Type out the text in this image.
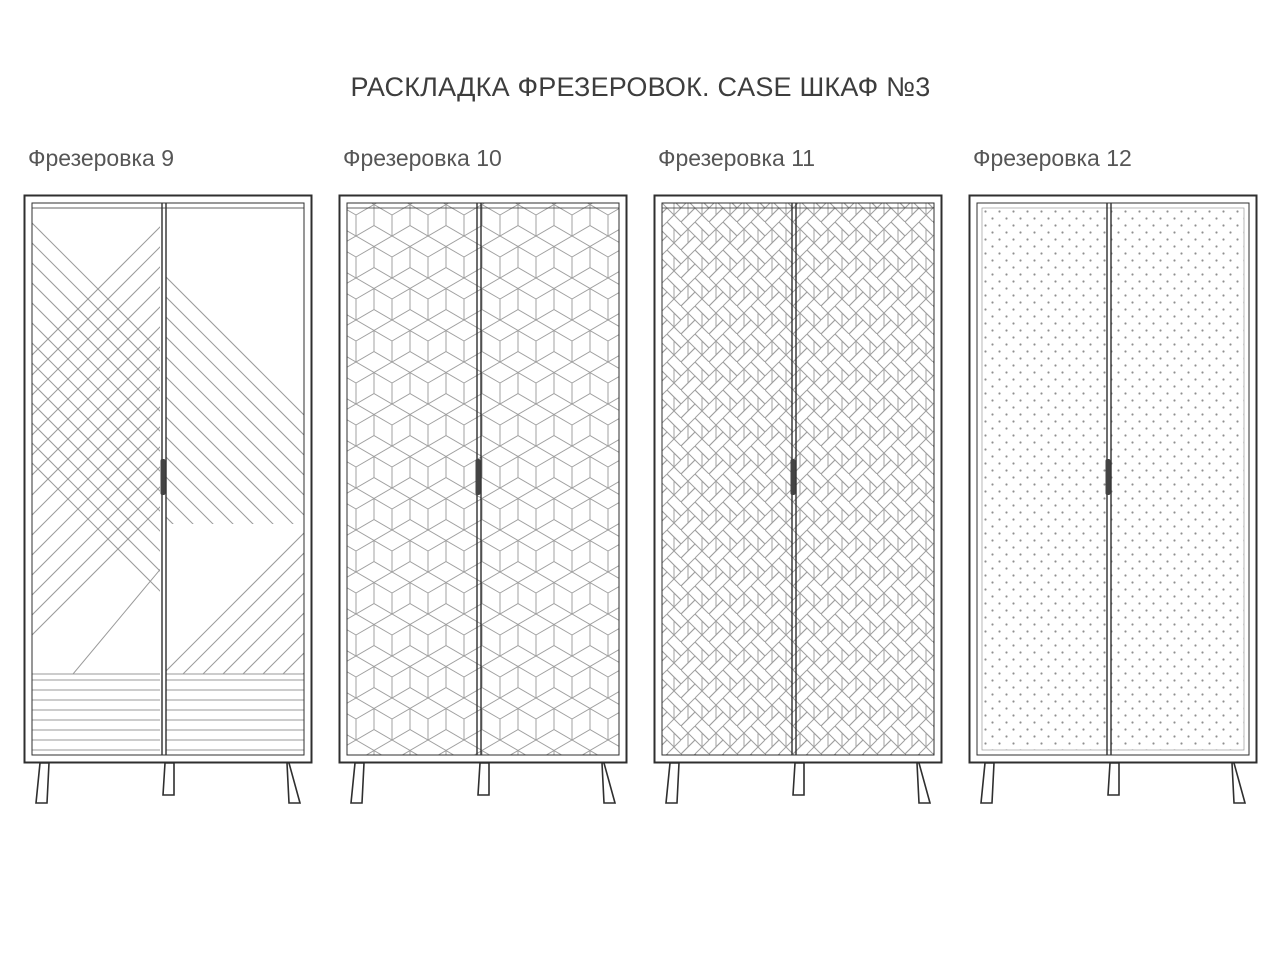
РАСКЛАДКА ФРЕЗЕРОВОК. CASE ШКАФ №3
Фрезеровка 9	Фрезеровка 10	Фрезеровка 11	Фрезеровка 12
